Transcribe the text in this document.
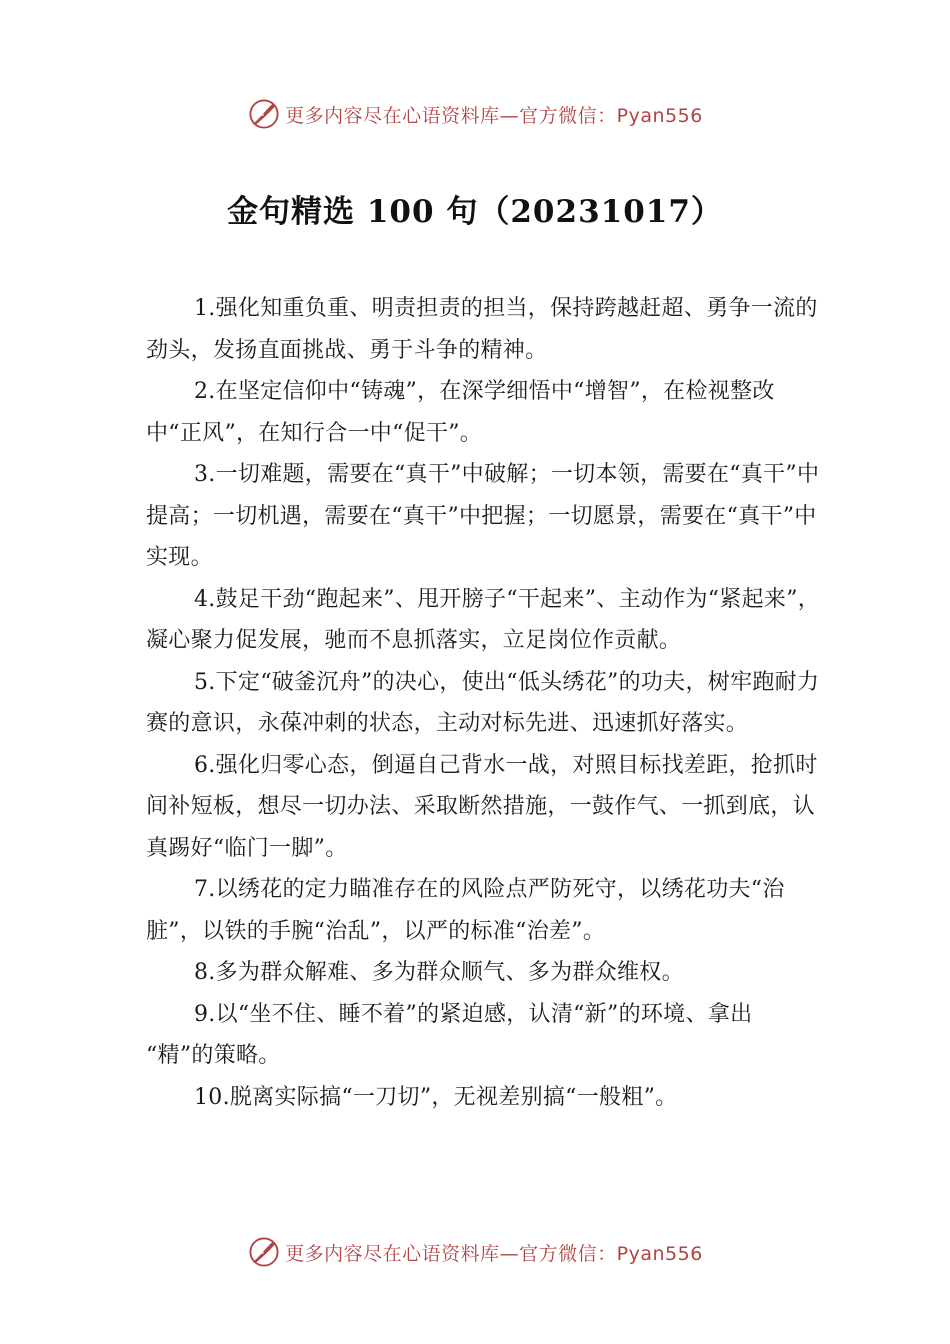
更多内容尽在心语资料库—官方微信：Pyan556
金句精选 100 句（20231017）

1.强化知重负重、明责担责的担当，保持跨越赶超、勇争一流的劲头，发扬直面挑战、勇于斗争的精神。

2.在坚定信仰中“铸魂”，在深学细悟中“增智”，在检视整改中“正风”，在知行合一中“促干”。

3.一切难题，需要在“真干”中破解；一切本领，需要在“真干”中提高；一切机遇，需要在“真干”中把握；一切愿景，需要在“真干”中实现。

4.鼓足干劲“跑起来”、甩开膀子“干起来”、主动作为“紧起来”，凝心聚力促发展，驰而不息抓落实，立足岗位作贡献。

5.下定“破釜沉舟”的决心，使出“低头绣花”的功夫，树牢跑耐力赛的意识，永葆冲刺的状态，主动对标先进、迅速抓好落实。

6.强化归零心态，倒逼自己背水一战，对照目标找差距，抢抓时间补短板，想尽一切办法、采取断然措施，一鼓作气、一抓到底，认真踢好“临门一脚”。

7.以绣花的定力瞄准存在的风险点严防死守，以绣花功夫“治脏”，以铁的手腕“治乱”，以严的标准“治差”。

8.多为群众解难、多为群众顺气、多为群众维权。

9.以“坐不住、睡不着”的紧迫感，认清“新”的环境、拿出 “精”的策略。

10.脱离实际搞“一刀切”，无视差别搞“一般粗”。

更多内容尽在心语资料库—官方微信：Pyan556
